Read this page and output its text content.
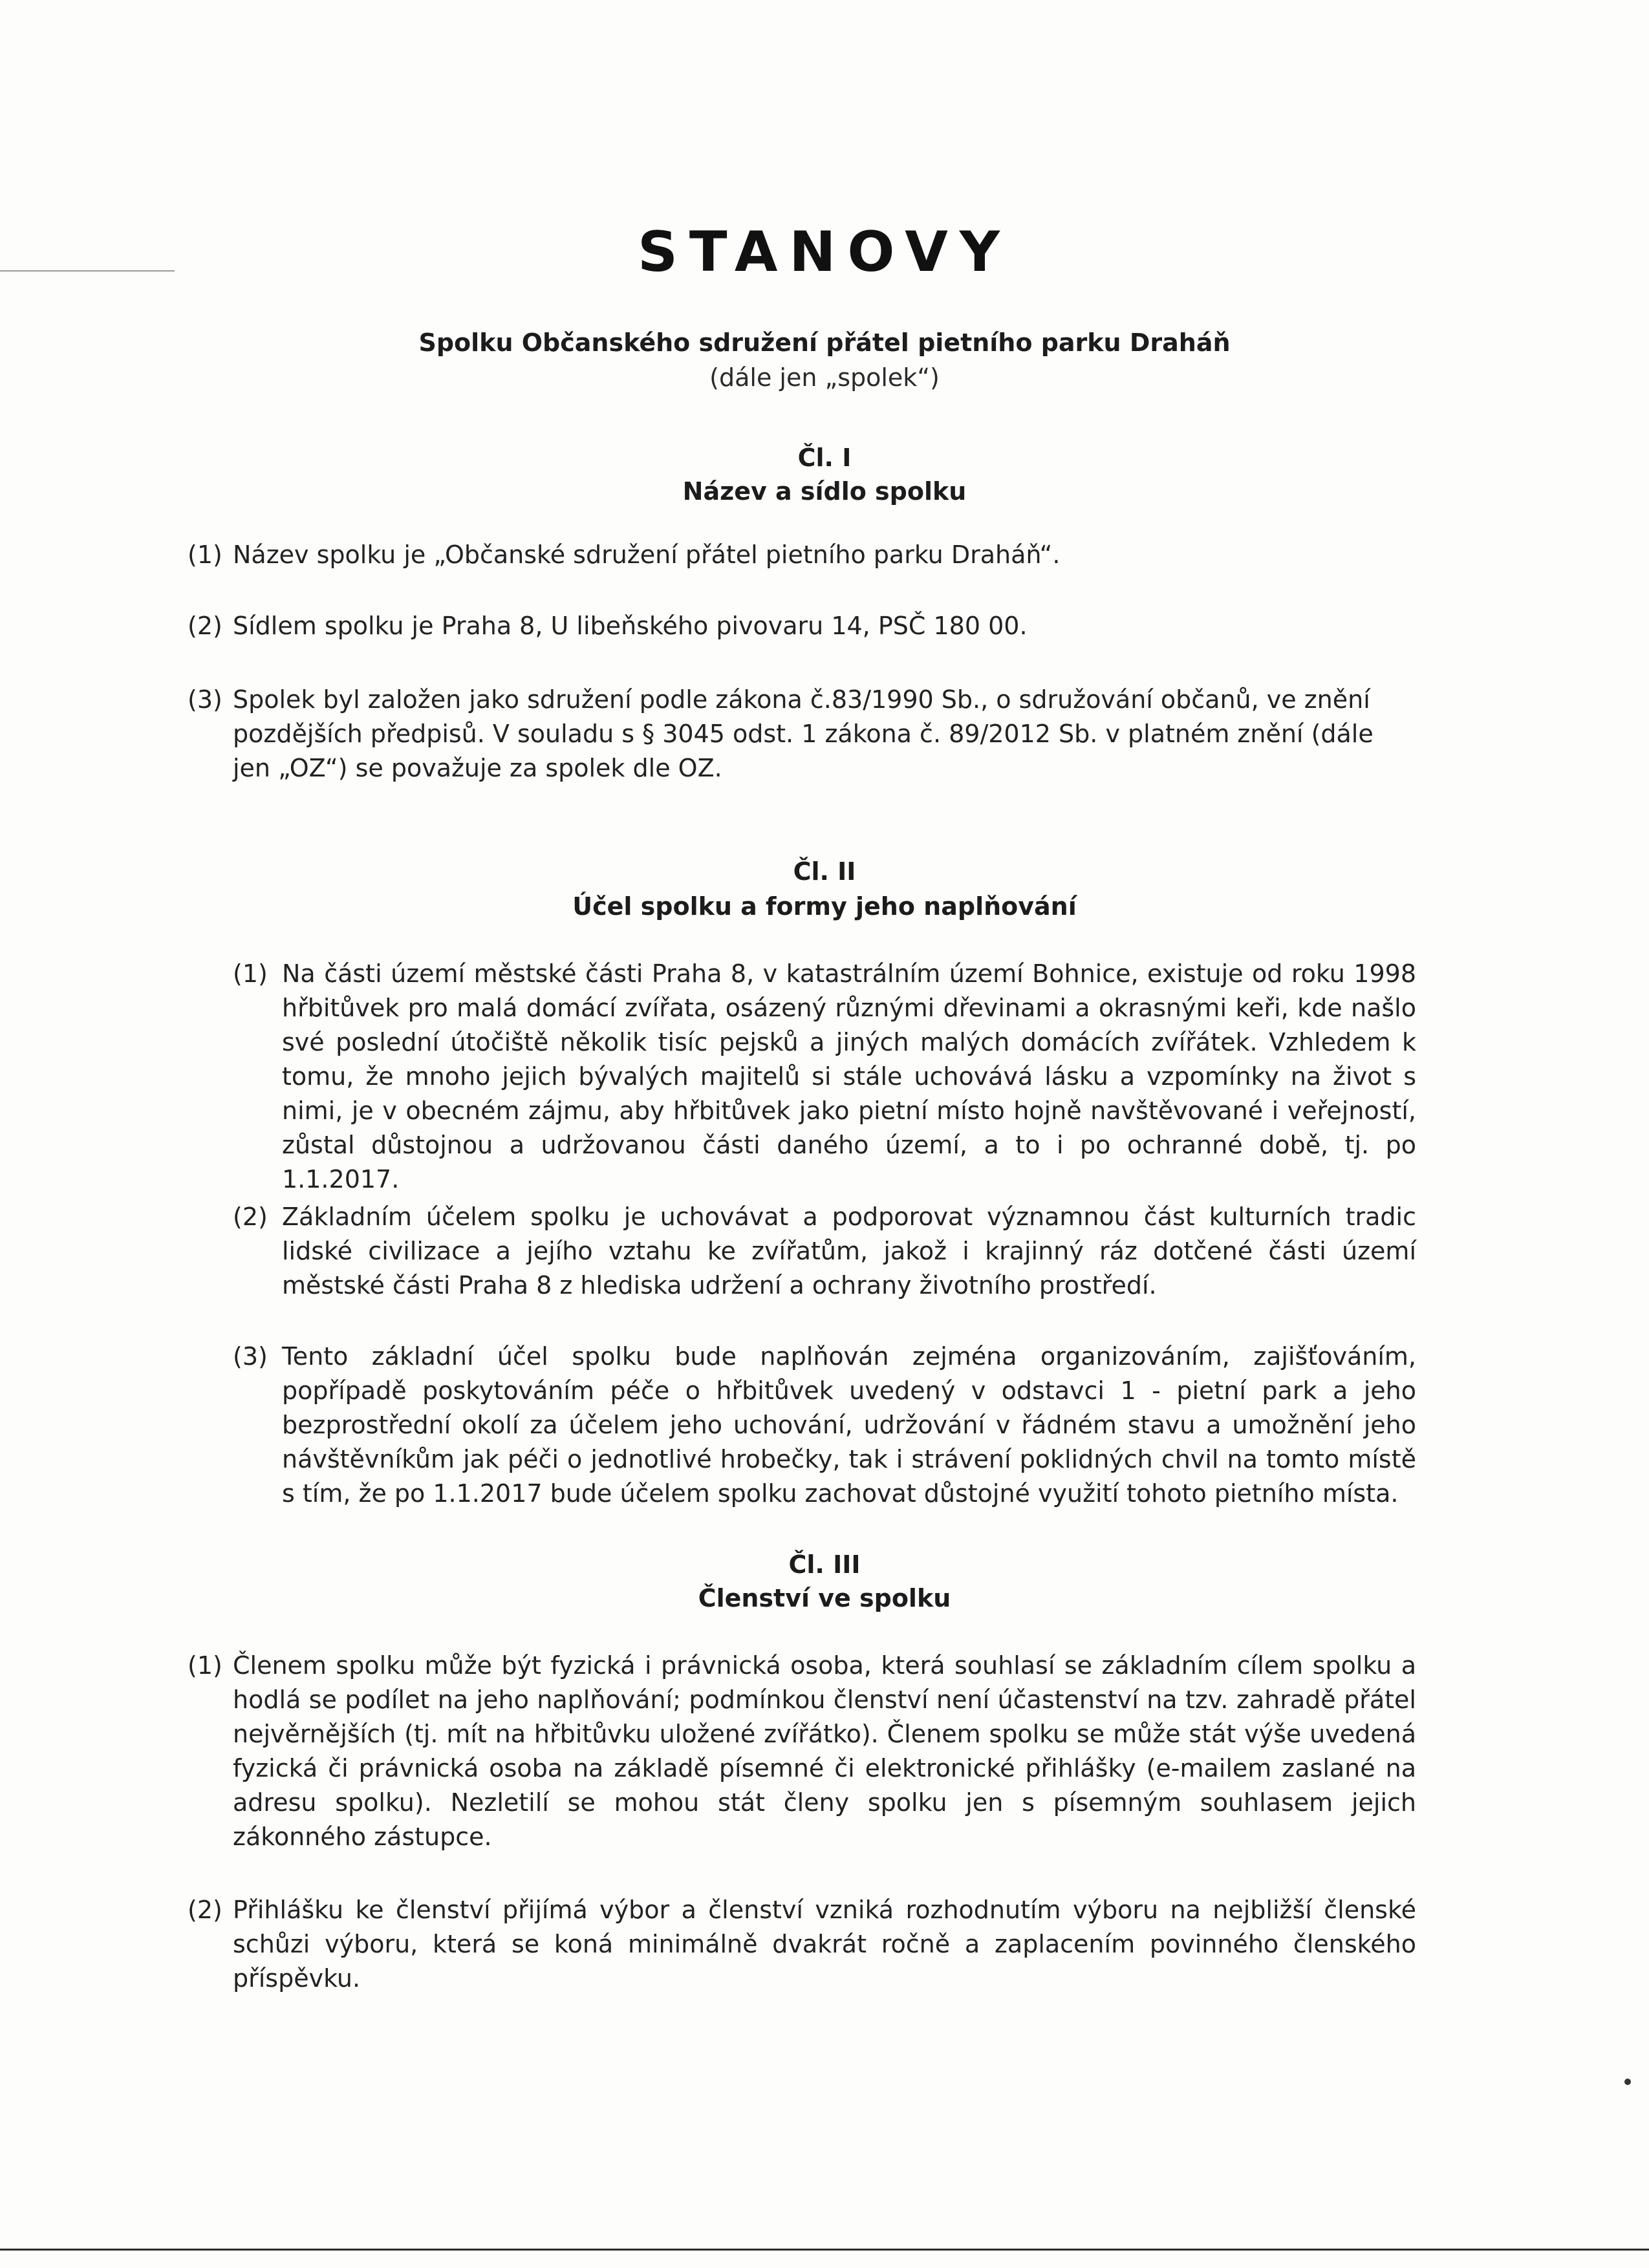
STANOVY
Spolku Občanského sdružení přátel pietního parku Draháň
(dále jen „spolek“)
Čl. I
Název a sídlo spolku
(1) Název spolku je „Občanské sdružení přátel pietního parku Draháň“.
(2) Sídlem spolku je Praha 8, U libeňského pivovaru 14, PSČ 180 00.
(3) Spolek byl založen jako sdružení podle zákona č.83/1990 Sb., o sdružování občanů, ve znění pozdějších předpisů. V souladu s § 3045 odst. 1 zákona č. 89/2012 Sb. v platném znění (dále jen „OZ“) se považuje za spolek dle OZ.
Čl. II
Účel spolku a formy jeho naplňování
(1) Na části území městské části Praha 8, v katastrálním území Bohnice, existuje od roku 1998 hřbitůvek pro malá domácí zvířata, osázený různými dřevinami a okrasnými keři, kde našlo své poslední útočiště několik tisíc pejsků a jiných malých domácích zvířátek. Vzhledem k tomu, že mnoho jejich bývalých majitelů si stále uchovává lásku a vzpomínky na život s nimi, je v obecném zájmu, aby hřbitůvek jako pietní místo hojně navštěvované i veřejností, zůstal důstojnou a udržovanou části daného území, a to i po ochranné době, tj. po 1.1.2017.
(2) Základním účelem spolku je uchovávat a podporovat významnou část kulturních tradic lidské civilizace a jejího vztahu ke zvířatům, jakož i krajinný ráz dotčené části území městské části Praha 8 z hlediska udržení a ochrany životního prostředí.
(3) Tento základní účel spolku bude naplňován zejména organizováním, zajišťováním, popřípadě poskytováním péče o hřbitůvek uvedený v odstavci 1 - pietní park a jeho bezprostřední okolí za účelem jeho uchování, udržování v řádném stavu a umožnění jeho návštěvníkům jak péči o jednotlivé hrobečky, tak i strávení poklidných chvil na tomto místě s tím, že po 1.1.2017 bude účelem spolku zachovat důstojné využití tohoto pietního místa.
Čl. III
Členství ve spolku
(1) Členem spolku může být fyzická i právnická osoba, která souhlasí se základním cílem spolku a hodlá se podílet na jeho naplňování; podmínkou členství není účastenství na tzv. zahradě přátel nejvěrnějších (tj. mít na hřbitůvku uložené zvířátko). Členem spolku se může stát výše uvedená fyzická či právnická osoba na základě písemné či elektronické přihlášky (e-mailem zaslané na adresu spolku). Nezletilí se mohou stát členy spolku jen s písemným souhlasem jejich zákonného zástupce.
(2) Přihlášku ke členství přijímá výbor a členství vzniká rozhodnutím výboru na nejbližší členské schůzi výboru, která se koná minimálně dvakrát ročně a zaplacením povinného členského příspěvku.
